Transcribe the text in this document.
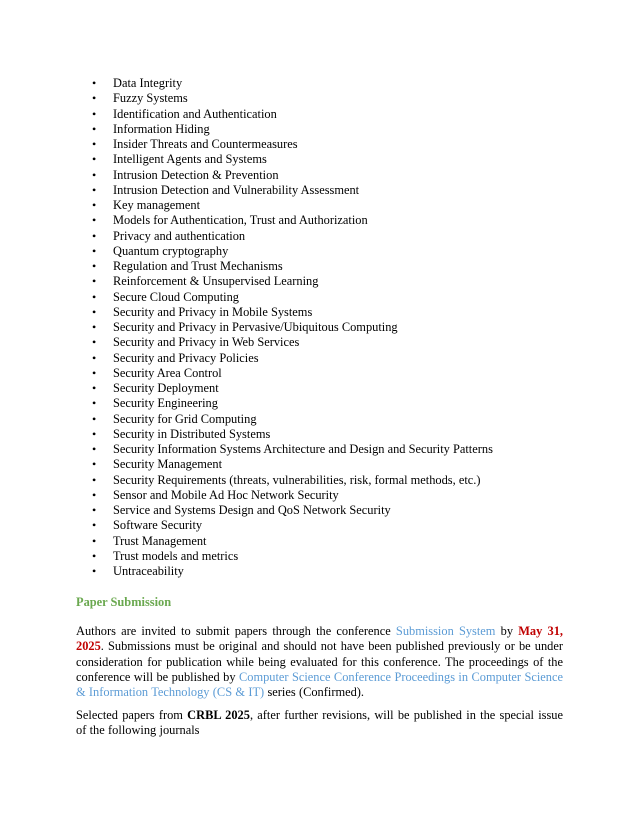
•	Data Integrity
•	Fuzzy Systems
•	Identification and Authentication
•	Information Hiding
•	Insider Threats and Countermeasures
•	Intelligent Agents and Systems
•	Intrusion Detection & Prevention
•	Intrusion Detection and Vulnerability Assessment
•	Key management
•	Models for Authentication, Trust and Authorization
•	Privacy and authentication
•	Quantum cryptography
•	Regulation and Trust Mechanisms
•	Reinforcement & Unsupervised Learning
•	Secure Cloud Computing
•	Security and Privacy in Mobile Systems
•	Security and Privacy in Pervasive/Ubiquitous Computing
•	Security and Privacy in Web Services
•	Security and Privacy Policies
•	Security Area Control
•	Security Deployment
•	Security Engineering
•	Security for Grid Computing
•	Security in Distributed Systems
•	Security Information Systems Architecture and Design and Security Patterns
•	Security Management
•	Security Requirements (threats, vulnerabilities, risk, formal methods, etc.)
•	Sensor and Mobile Ad Hoc Network Security
•	Service and Systems Design and QoS Network Security
•	Software Security
•	Trust Management
•	Trust models and metrics
•	Untraceability
Paper Submission

Authors are invited to submit papers through the conference Submission System by May 31, 2025. Submissions must be original and should not have been published previously or be under consideration for publication while being evaluated for this conference. The proceedings of the conference will be published by Computer Science Conference Proceedings in Computer Science & Information Technology (CS & IT) series (Confirmed).

Selected papers from CRBL 2025, after further revisions, will be published in the special issue of the following journals
